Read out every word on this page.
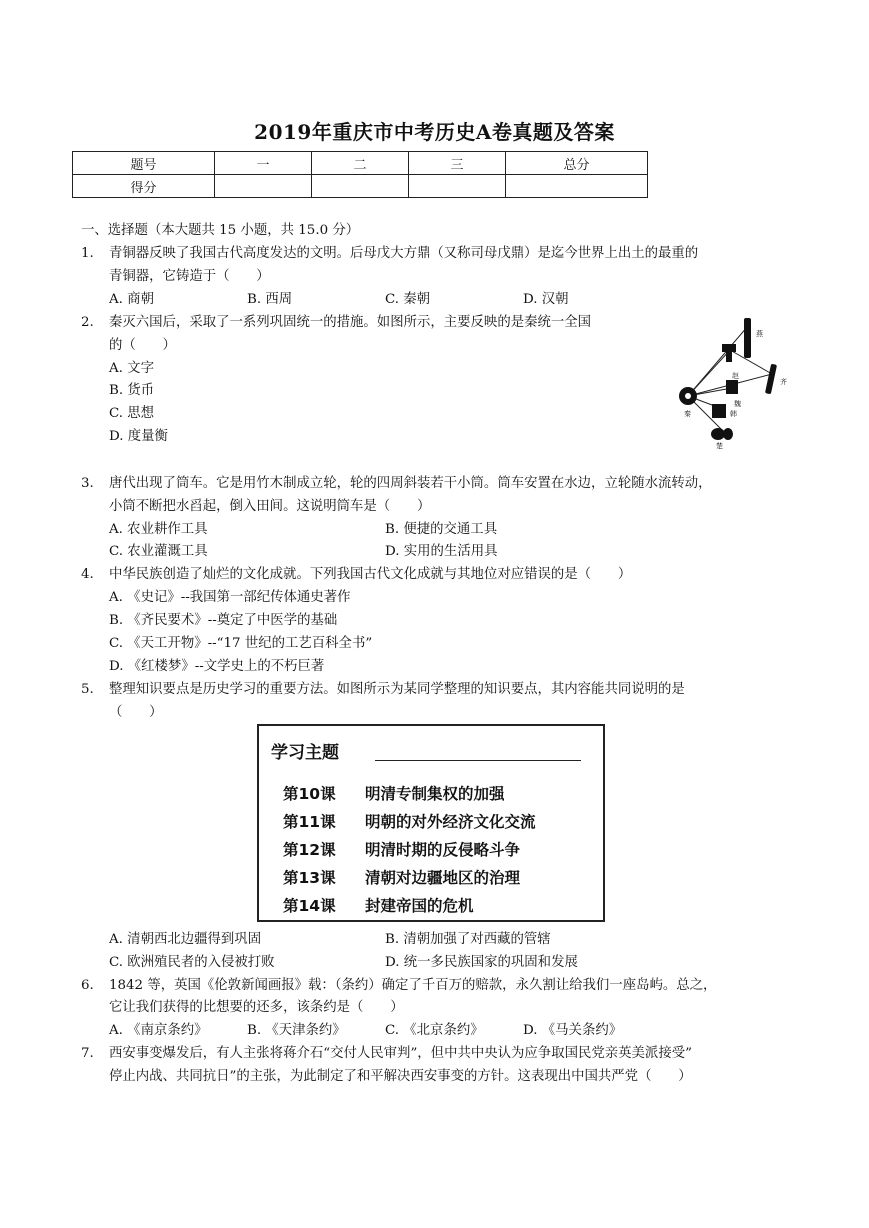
2019年重庆市中考历史A卷真题及答案
题号	一	二	三	总分
得分				
一、选择题（本大题共 15 小题，共 15.0 分）
1. 青铜器反映了我国古代高度发达的文明。后母戊大方鼎（又称司母戊鼎）是迄今世界上出土的最重的
青铜器，它铸造于（　　）
A. 商朝	B. 西周	C. 秦朝	D. 汉朝
2. 秦灭六国后，采取了一系列巩固统一的措施。如图所示，主要反映的是秦统一全国
的（　　）
A. 文字
B. 货币
C. 思想
D. 度量衡
燕
齐
赵
魏
韩
秦
楚
3. 唐代出现了筒车。它是用竹木制成立轮，轮的四周斜装若干小筒。筒车安置在水边，立轮随水流转动，
小筒不断把水舀起，倒入田间。这说明筒车是（　　）
A. 农业耕作工具	B. 便捷的交通工具
C. 农业灌溉工具	D. 实用的生活用具
4. 中华民族创造了灿烂的文化成就。下列我国古代文化成就与其地位对应错误的是（　　）
A. 《史记》--我国第一部纪传体通史著作
B. 《齐民要术》--奠定了中医学的基础
C. 《天工开物》--“17 世纪的工艺百科全书”
D. 《红楼梦》--文学史上的不朽巨著
5. 整理知识要点是历史学习的重要方法。如图所示为某同学整理的知识要点，其内容能共同说明的是
（　　）
学习主题
第10课 明清专制集权的加强
第11课 明朝的对外经济文化交流
第12课 明清时期的反侵略斗争
第13课 清朝对边疆地区的治理
第14课 封建帝国的危机
A. 清朝西北边疆得到巩固	B. 清朝加强了对西藏的管辖
C. 欧洲殖民者的入侵被打败	D. 统一多民族国家的巩固和发展
6. 1842 等，英国《伦敦新闻画报》载：（条约）确定了千百万的赔款，永久割让给我们一座岛屿。总之，
它让我们获得的比想要的还多，该条约是（　　）
A. 《南京条约》	B. 《天津条约》	C. 《北京条约》	D. 《马关条约》
7. 西安事变爆发后，有人主张将蒋介石“交付人民审判”，但中共中央认为应争取国民党亲英美派接受”
停止内战、共同抗日”的主张，为此制定了和平解决西安事变的方针。这表现出中国共严党（　　）
